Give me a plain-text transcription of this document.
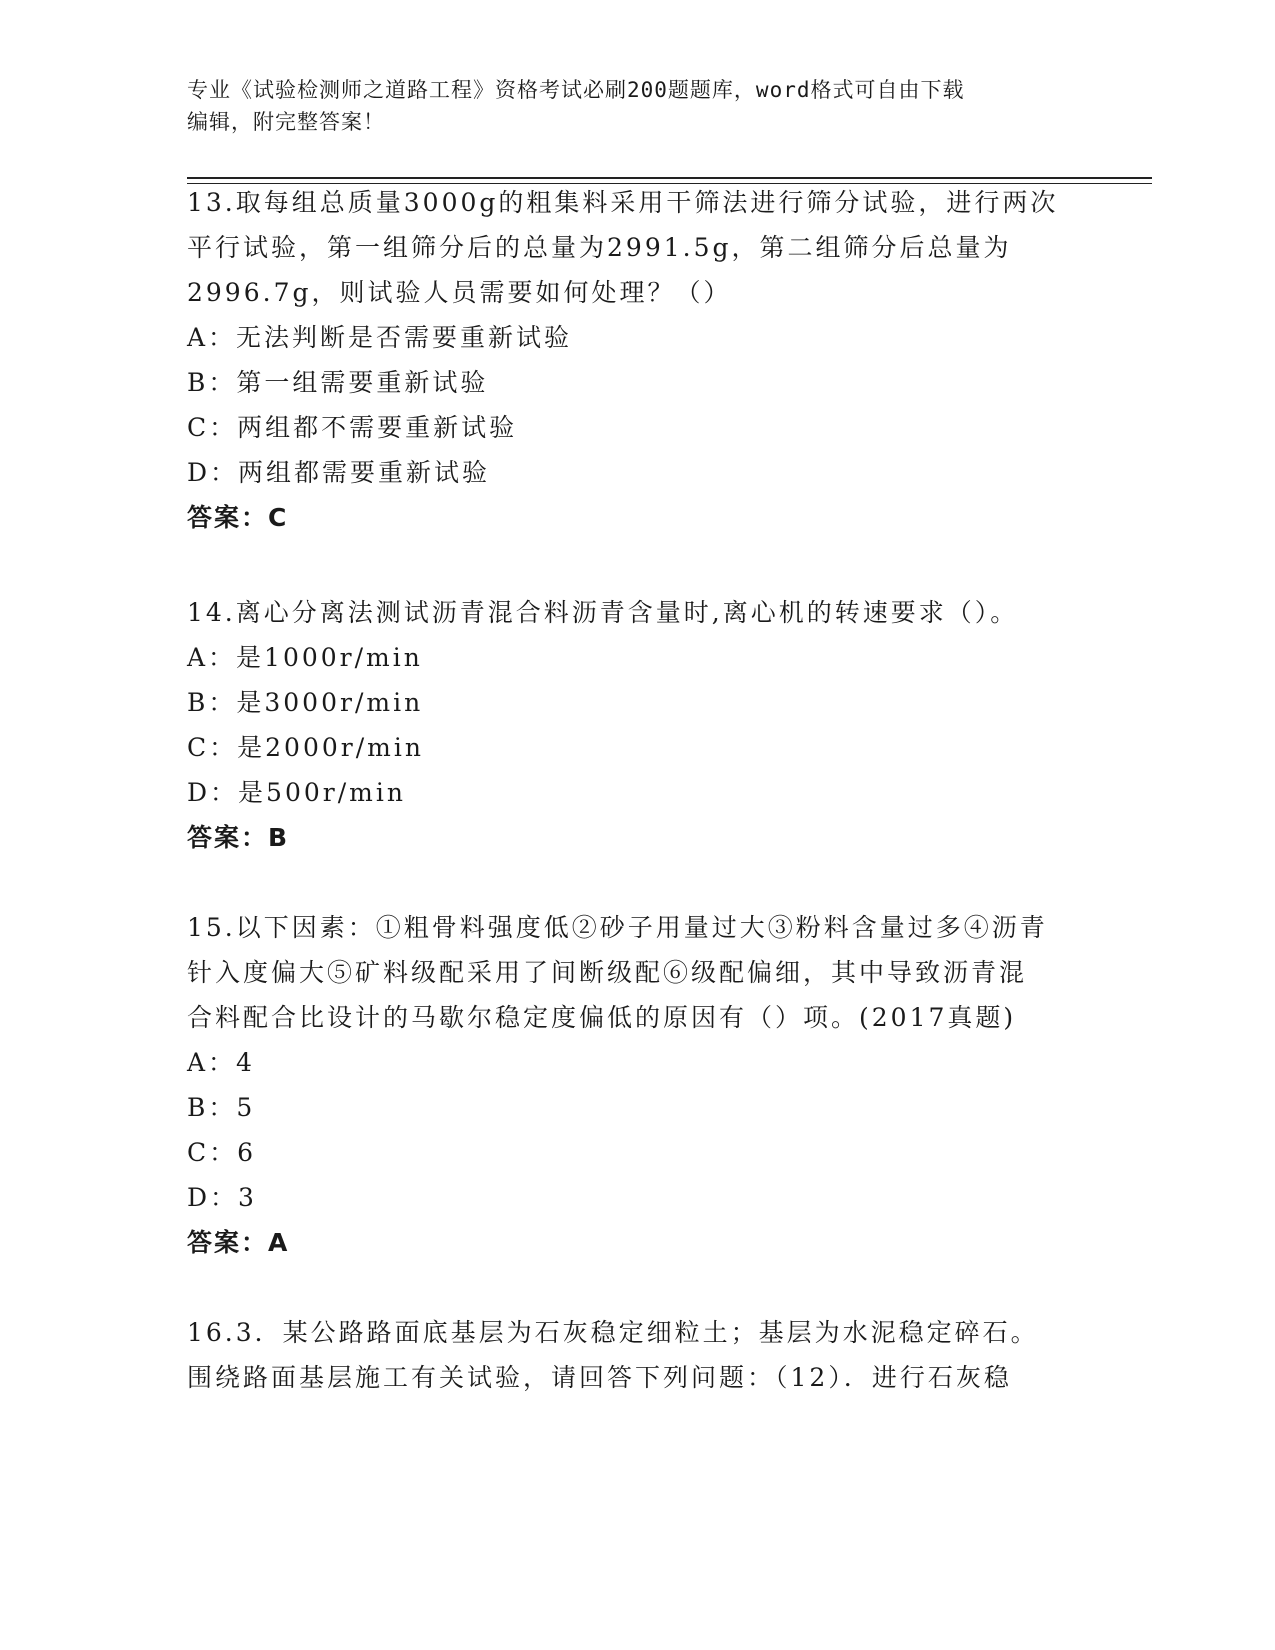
专业《试验检测师之道路工程》资格考试必刷200题题库，word格式可自由下载
编辑，附完整答案！
13.取每组总质量3000g的粗集料采用干筛法进行筛分试验，进行两次
平行试验，第一组筛分后的总量为2991.5g，第二组筛分后总量为
2996.7g，则试验人员需要如何处理？（）
A：无法判断是否需要重新试验
B：第一组需要重新试验
C：两组都不需要重新试验
D：两组都需要重新试验
答案：C
14.离心分离法测试沥青混合料沥青含量时,离心机的转速要求（）。
A：是1000r/min
B：是3000r/min
C：是2000r/min
D：是500r/min
答案：B
15.以下因素：①粗骨料强度低②砂子用量过大③粉料含量过多④沥青
针入度偏大⑤矿料级配采用了间断级配⑥级配偏细，其中导致沥青混
合料配合比设计的马歇尔稳定度偏低的原因有（）项。(2017真题)
A：4
B：5
C：6
D：3
答案：A
16.3．某公路路面底基层为石灰稳定细粒土；基层为水泥稳定碎石。
围绕路面基层施工有关试验，请回答下列问题：（12）．进行石灰稳
